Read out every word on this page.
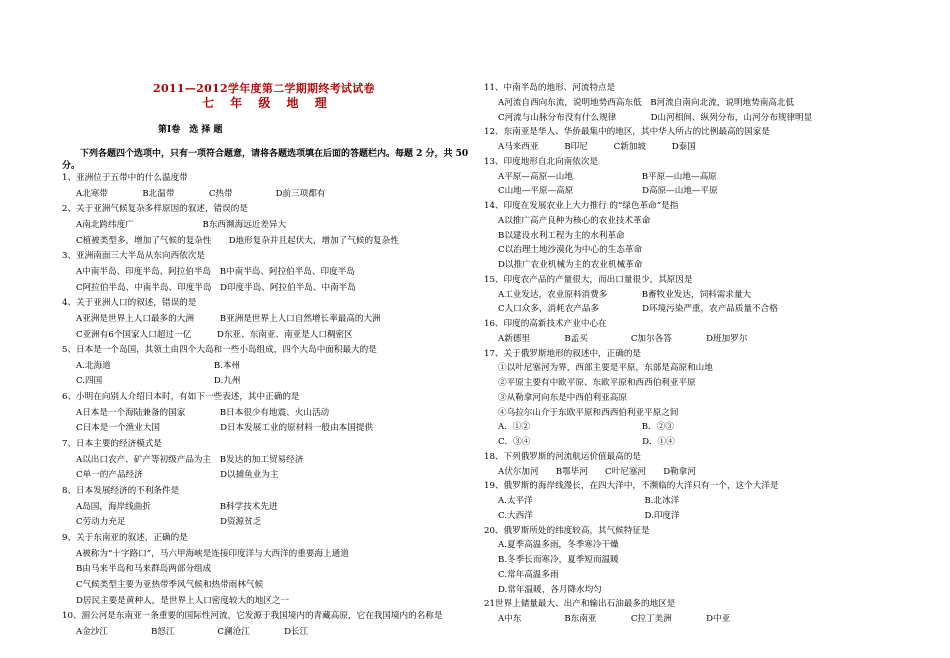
2011—2012学年度第二学期期终考试试卷
七 年 级 地 理
第Ⅰ卷　选 择 题
下列各题四个选项中，只有一项符合题意，请将各题选项填在后面的答题栏内。每题 2 分，共 50
分。
1、亚洲位于五带中的什么温度带
A北寒带　　　　B北温带　　　　C热带　　　　　D前三项都有
2、关于亚洲气候复杂多样原因的叙述，错误的是
A南北跨纬度广　　　　　　　　B东西濒海远近差异大
C植被类型多，增加了气候的复杂性　　D地形复杂并且起伏大，增加了气候的复杂性
3、亚洲南面三大半岛从东向西依次是
A中南半岛、印度半岛、阿拉伯半岛　B中南半岛、阿拉伯半岛、印度半岛
C阿拉伯半岛、中南半岛、印度半岛　D印度半岛、阿拉伯半岛、中南半岛
4、关于亚洲人口的叙述，错误的是
A亚洲是世界上人口最多的大洲　　　B亚洲是世界上人口自然增长率最高的大洲
C亚洲有6个国家人口超过一亿　　　D东亚、东南亚、南亚是人口稠密区
5、日本是一个岛国，其领土由四个大岛和一些小岛组成，四个大岛中面积最大的是
A.北海道　　　　　　　　　　　　B.本州
C.四国　　　　　　　　　　　　　D.九州
6、小明在向别人介绍日本时，有如下一些表述，其中正确的是
A日本是一个海陆兼备的国家　　　　B日本很少有地震、火山活动
C日本是一个渔业大国　　　　　　　D日本发展工业的原材料一般由本国提供
7、日本主要的经济模式是
A以出口农产、矿产等初级产品为主　B发达的加工贸易经济
C单一的产品经济　　　　　　　　　D以捕鱼业为主
8、日本发展经济的不利条件是
A岛国，海岸线曲折　　　　　　　　B科学技术先进
C劳动力充足　　　　　　　　　　　D资源贫乏
9、关于东南亚的叙述，正确的是
A被称为“十字路口”，马六甲海峡是连接印度洋与大西洋的重要海上通道
B由马来半岛和马来群岛两部分组成
C气候类型主要为亚热带季风气候和热带雨林气候
D居民主要是黄种人，是世界上人口密度较大的地区之一
10、湄公河是东南亚一条重要的国际性河流，它发源于我国境内的青藏高原，它在我国境内的名称是
A金沙江　　　　　B怒江　　　　　C澜沧江　　　　D长江
11、中南半岛的地形、河流特点是
A河流自西向东流，说明地势西高东低　B河流自南向北流，说明地势南高北低
C河流与山脉分布没有什么规律　　　　D山河相间、纵列分布，山河分布规律明显
12、东南亚是华人、华侨最集中的地区，其中华人所占的比例最高的国家是
A马来西亚　　　B印尼　　　C新加坡　　　D泰国
13、印度地形自北向南依次是
A平原—高原—山地　　　　　　　　B平原—山地—高原
C山地—平原—高原　　　　　　　　D高原—山地—平原
14、印度在发展农业上大力推行 的“绿色革命”是指
A以推广高产良种为核心的农业技术革命
B以建设水利工程为主的水利革命
C以治理土地沙漠化为中心的生态革命
D以推广农业机械为主的农业机械革命
15、印度农产品的产量很大，而出口量很少，其原因是
A工业发达，农业原料消费多　　　　B畜牧业发达，饲料需求量大
C人口众多，消耗农产品多　　　　　D环境污染严重，农产品质量不合格
16、印度的高新技术产业中心在
A新德里　　　　B孟买　　　　　C加尔各答　　　　D班加罗尔
17、关于俄罗斯地形的叙述中，正确的是
①以叶尼塞河为界，西部主要是平原，东部是高原和山地
②平原主要有中欧平原、东欧平原和西西伯利亚平原
③从勒拿河向东是中西伯利亚高原
④乌拉尔山介于东欧平原和西西伯利亚平原之间
A．①②　　　　　　　　　　　　　B．②③
C．③④　　　　　　　　　　　　　D．①④
18、下列俄罗斯的河流航运价值最高的是
A伏尔加河　　B鄂毕河　　C叶尼塞河　　D勒拿河
19、俄罗斯的海岸线漫长，在四大洋中，不濒临的大洋只有一个，这个大洋是
A.太平洋　　　　　　　　　　　　　B.北冰洋
C.大西洋　　　　　　　　　　　　　D.印度洋
20、俄罗斯所处的纬度较高，其气候特征是
A.夏季高温多雨，冬季寒冷干燥
B.冬季长而寒冷，夏季短而温暖
C.常年高温多雨
D.常年温暖，各月降水均匀
21世界上储量最大、出产和输出石油最多的地区是
A中东　　　　　B东南亚　　　　C拉丁美洲　　　　D中亚
